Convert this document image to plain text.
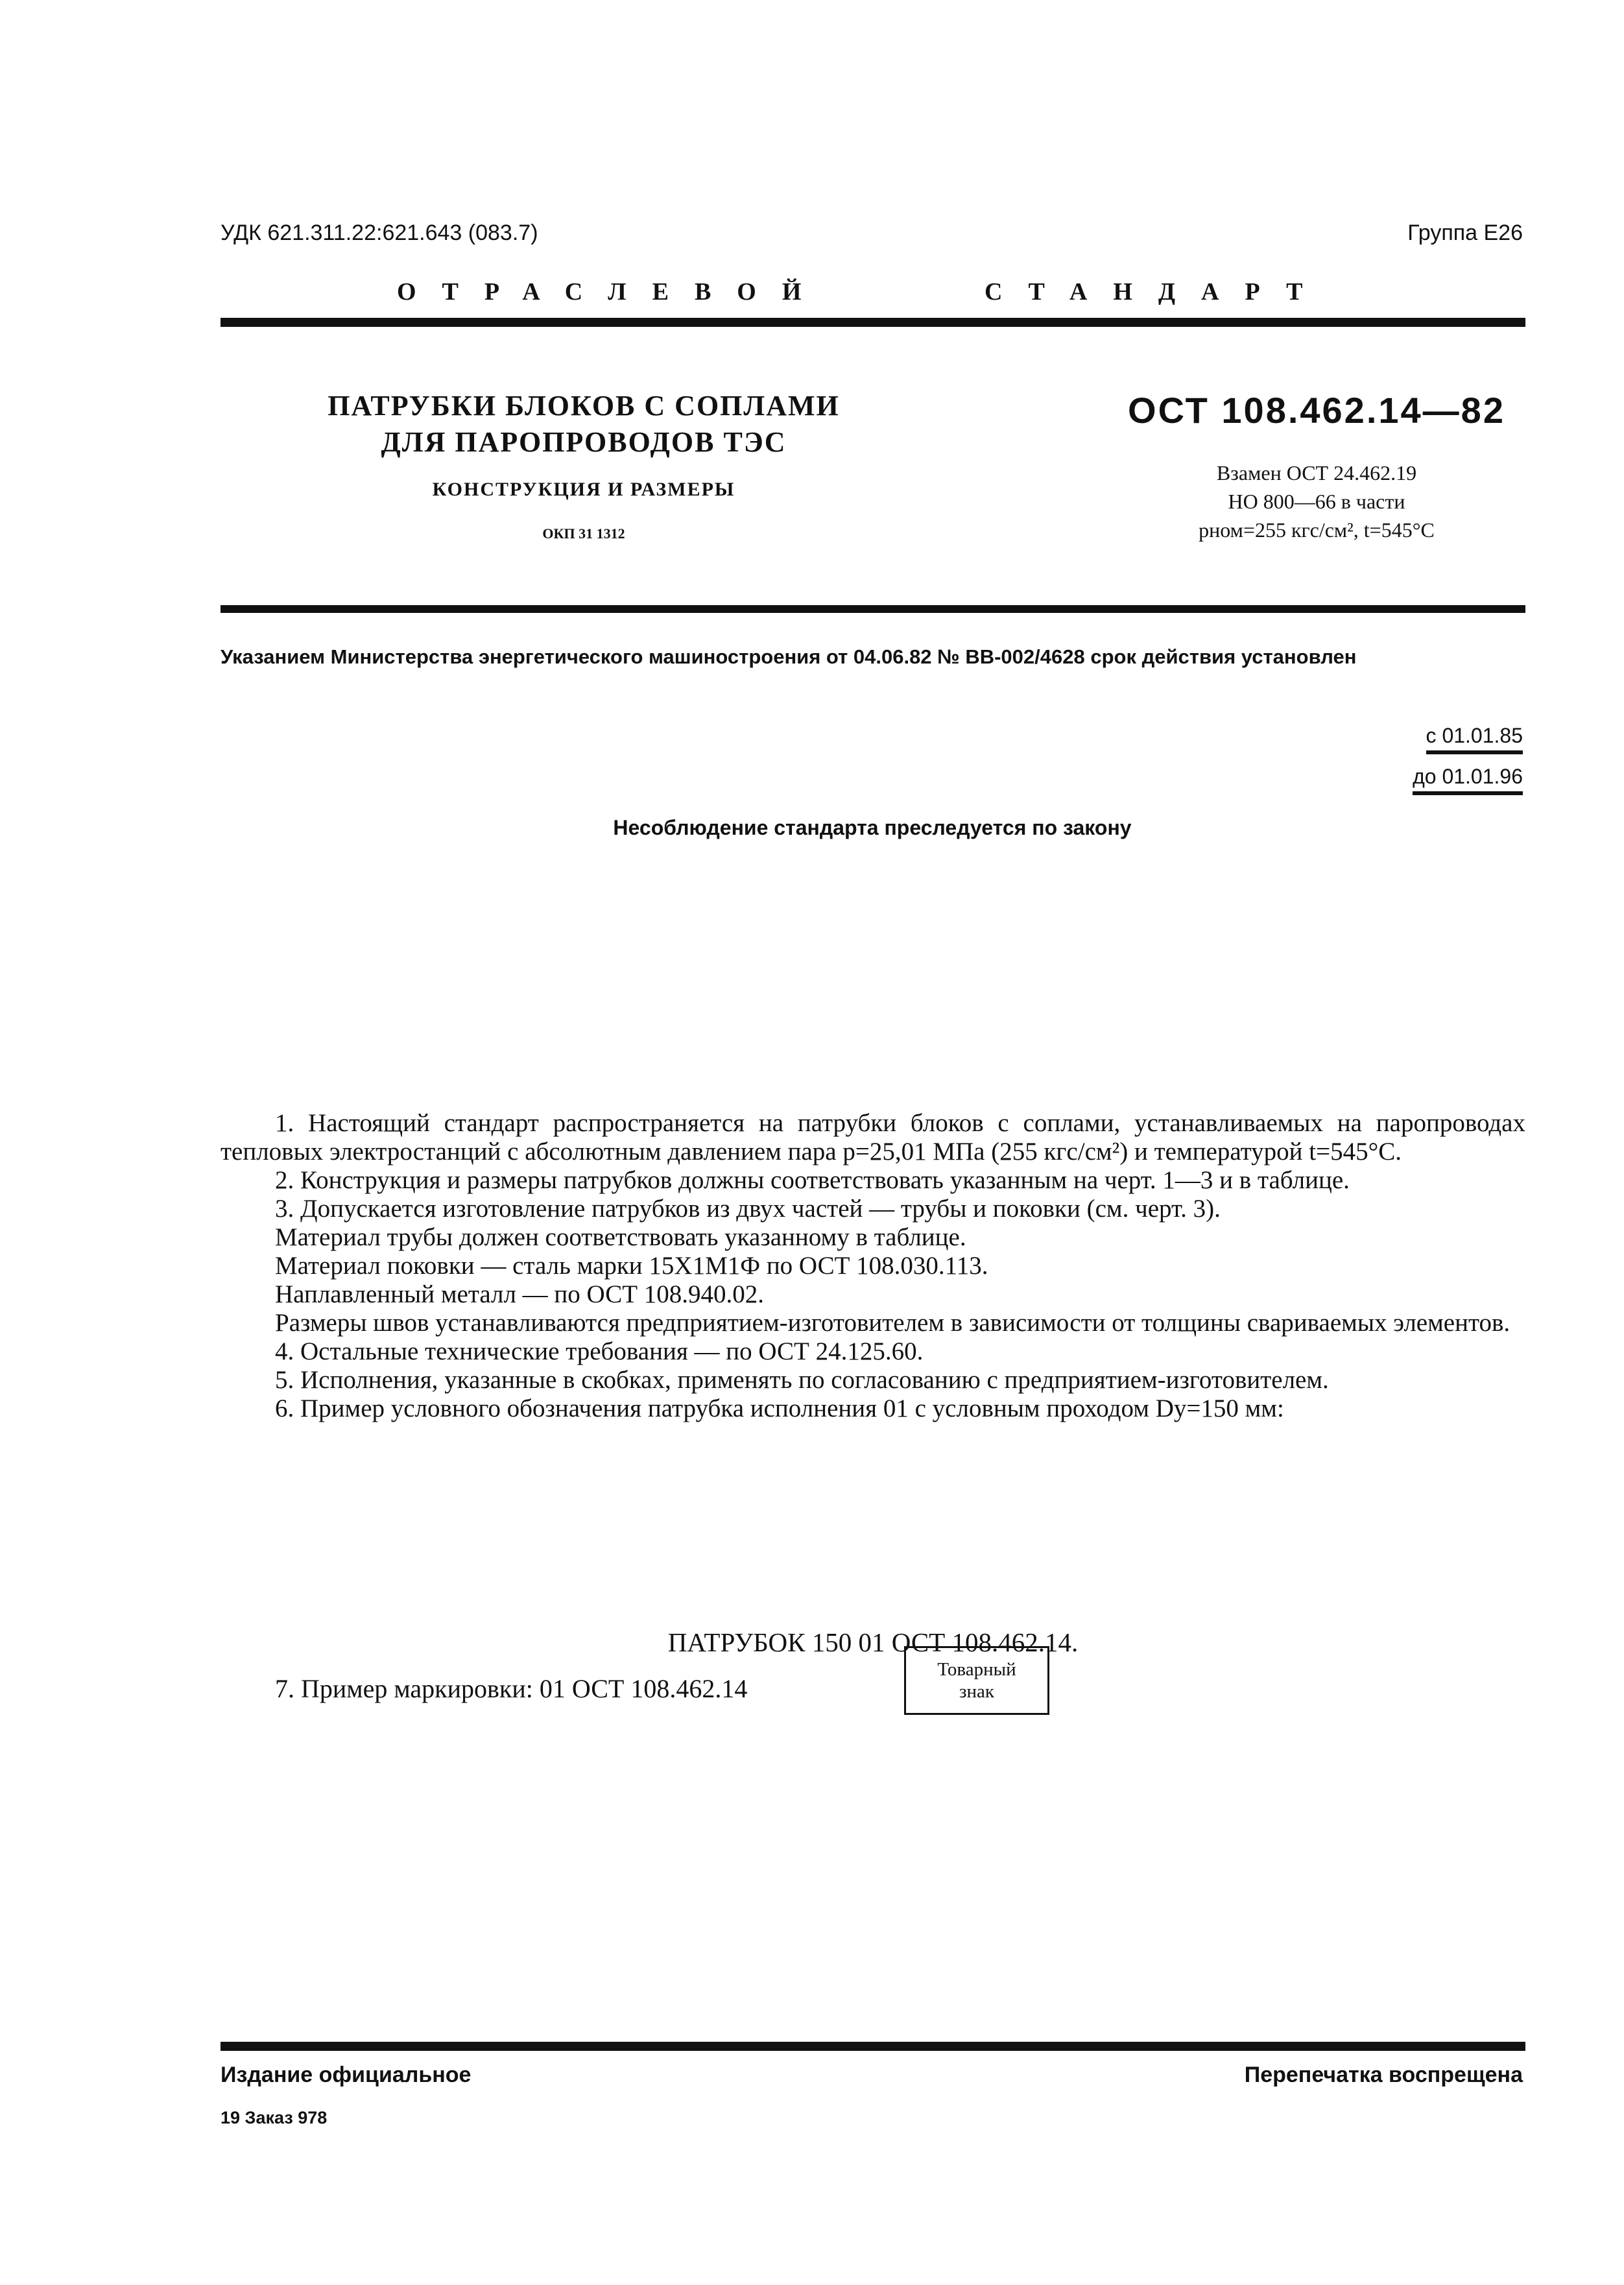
УДК 621.311.22:621.643 (083.7)	Группа Е26
ОТРАСЛЕВОЙ	СТАНДАРТ
ПАТРУБКИ БЛОКОВ С СОПЛАМИ
ДЛЯ ПАРОПРОВОДОВ ТЭС
КОНСТРУКЦИЯ И РАЗМЕРЫ
ОКП 31 1312
ОСТ 108.462.14—82
Взамен ОСТ 24.462.19
НО 800—66 в части
pном=255 кгс/см², t=545°С
Указанием Министерства энергетического машиностроения от 04.06.82 № ВВ-002/4628 срок действия установлен
с 01.01.85
до 01.01.96
Несоблюдение стандарта преследуется по закону

1. Настоящий стандарт распространяется на патрубки блоков с соплами, устанавливаемых на паропроводах тепловых электростанций с абсолютным давлением пара p=25,01 МПа (255 кгс/см²) и температурой t=545°С.

2. Конструкция и размеры патрубков должны соответствовать указанным на черт. 1—3 и в таблице.

3. Допускается изготовление патрубков из двух частей — трубы и поковки (см. черт. 3).

Материал трубы должен соответствовать указанному в таблице.

Материал поковки — сталь марки 15Х1М1Ф по ОСТ 108.030.113.

Наплавленный металл — по ОСТ 108.940.02.

Размеры швов устанавливаются предприятием-изготовителем в зависимости от толщины свариваемых элементов.

4. Остальные технические требования — по ОСТ 24.125.60.

5. Исполнения, указанные в скобках, применять по согласованию с предприятием-изготовителем.

6. Пример условного обозначения патрубка исполнения 01 с условным проходом Dy=150 мм:

ПАТРУБОК 150 01 ОСТ 108.462.14.
7. Пример маркировки: 01 ОСТ 108.462.14
Товарный
знак
Издание официальное	Перепечатка воспрещена
19 Заказ 978
